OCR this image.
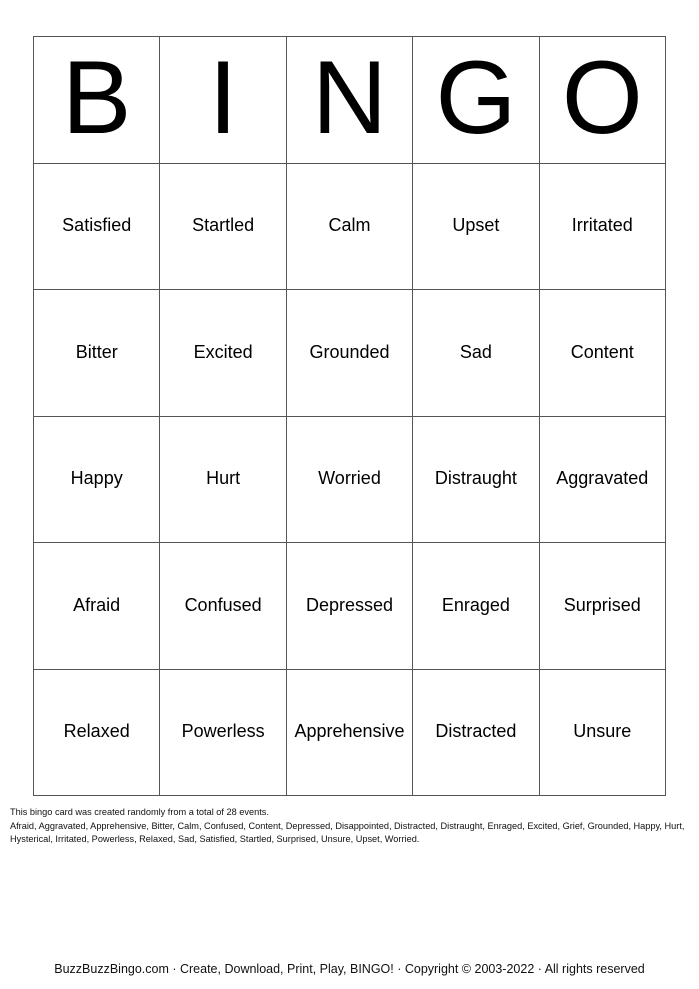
B I N G O
Satisfied	Startled	Calm	Upset	Irritated
Bitter	Excited	Grounded	Sad	Content
Happy	Hurt	Worried	Distraught	Aggravated
Afraid	Confused	Depressed	Enraged	Surprised
Relaxed	Powerless	Apprehensive	Distracted	Unsure
This bingo card was created randomly from a total of 28 events.
Afraid, Aggravated, Apprehensive, Bitter, Calm, Confused, Content, Depressed, Disappointed, Distracted, Distraught, Enraged, Excited, Grief, Grounded, Happy, Hurt, Hysterical, Irritated, Powerless, Relaxed, Sad, Satisfied, Startled, Surprised, Unsure, Upset, Worried.
BuzzBuzzBingo.com · Create, Download, Print, Play, BINGO! · Copyright © 2003-2022 · All rights reserved
